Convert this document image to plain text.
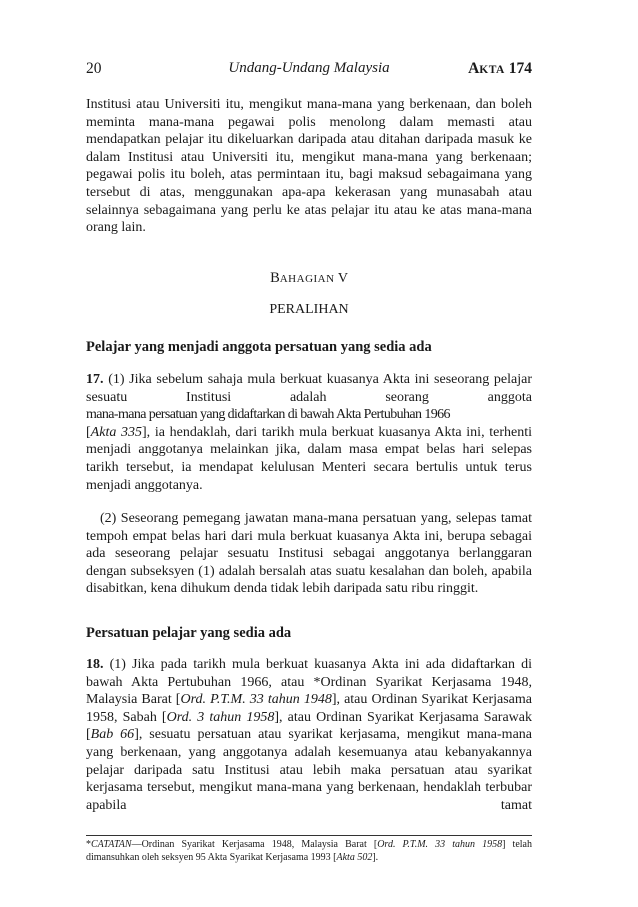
20	Undang-Undang Malaysia	AKTA 174
Institusi atau Universiti itu, mengikut mana-mana yang berkenaan, dan boleh meminta mana-mana pegawai polis menolong dalam memasti atau mendapatkan pelajar itu dikeluarkan daripada atau ditahan daripada masuk ke dalam Institusi atau Universiti itu, mengikut mana-mana yang berkenaan; pegawai polis itu boleh, atas permintaan itu, bagi maksud sebagaimana yang tersebut di atas, menggunakan apa-apa kekerasan yang munasabah atau selainnya sebagaimana yang perlu ke atas pelajar itu atau ke atas mana-mana orang lain.
BAHAGIAN V
PERALIHAN
Pelajar yang menjadi anggota persatuan yang sedia ada
17. (1) Jika sebelum sahaja mula berkuat kuasanya Akta ini seseorang pelajar sesuatu Institusi adalah seorang anggota mana-mana persatuan yang didaftarkan di bawah Akta Pertubuhan 1966 [Akta 335], ia hendaklah, dari tarikh mula berkuat kuasanya Akta ini, terhenti menjadi anggotanya melainkan jika, dalam masa empat belas hari selepas tarikh tersebut, ia mendapat kelulusan Menteri secara bertulis untuk terus menjadi anggotanya.
(2) Seseorang pemegang jawatan mana-mana persatuan yang, selepas tamat tempoh empat belas hari dari mula berkuat kuasanya Akta ini, berupa sebagai ada seseorang pelajar sesuatu Institusi sebagai anggotanya berlanggaran dengan subseksyen (1) adalah bersalah atas suatu kesalahan dan boleh, apabila disabitkan, kena dihukum denda tidak lebih daripada satu ribu ringgit.
Persatuan pelajar yang sedia ada
18. (1) Jika pada tarikh mula berkuat kuasanya Akta ini ada didaftarkan di bawah Akta Pertubuhan 1966, atau *Ordinan Syarikat Kerjasama 1948, Malaysia Barat [Ord. P.T.M. 33 tahun 1948], atau Ordinan Syarikat Kerjasama 1958, Sabah [Ord. 3 tahun 1958], atau Ordinan Syarikat Kerjasama Sarawak [Bab 66], sesuatu persatuan atau syarikat kerjasama, mengikut mana-mana yang berkenaan, yang anggotanya adalah kesemuanya atau kebanyakannya pelajar daripada satu Institusi atau lebih maka persatuan atau syarikat kerjasama tersebut, mengikut mana-mana yang berkenaan, hendaklah terbubar apabila tamat
*CATATAN—Ordinan Syarikat Kerjasama 1948, Malaysia Barat [Ord. P.T.M. 33 tahun 1958] telah dimansuhkan oleh seksyen 95 Akta Syarikat Kerjasama 1993 [Akta 502].
